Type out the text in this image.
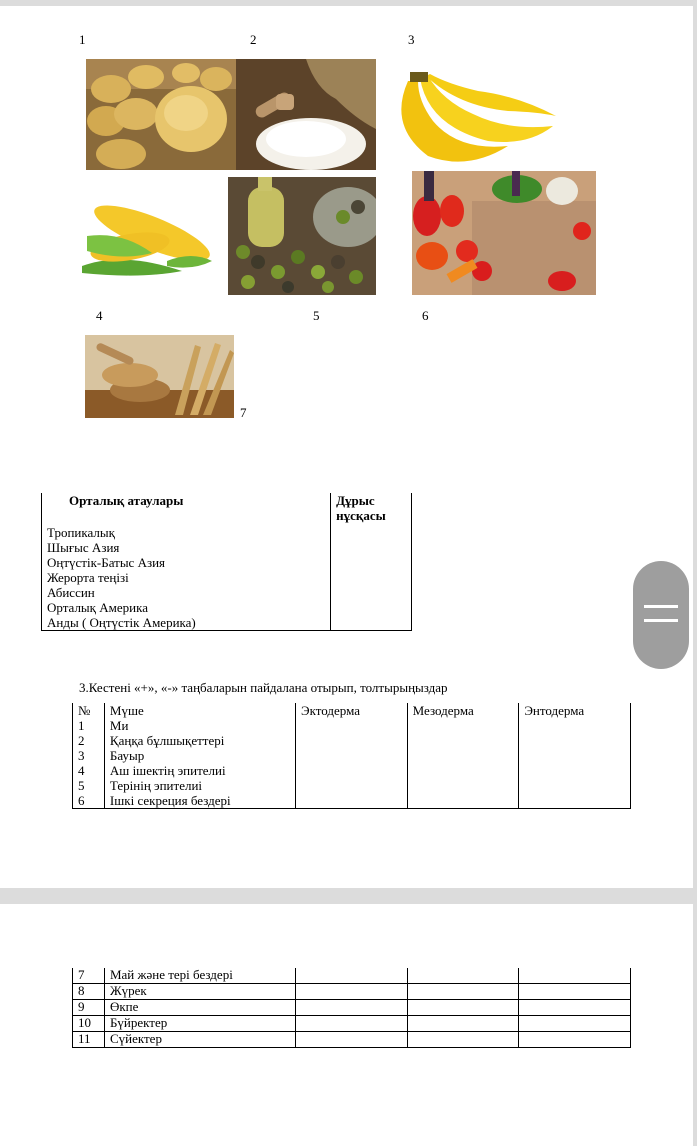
1	2	3
4	5	6
7
Орталық атаулары	Дұрыс нұсқасы
Тропикалық	
Шығыс Азия	
Оңтүстік-Батыс Азия	
Жерорта теңізі	
Абиссин	
Орталық Америка	
Анды ( Оңтүстік Америка)	
3.Кестені «+», «-» таңбаларын пайдалана отырып, толтырыңыздар
№	Мүше	Эктодерма	Мезодерма	Энтодерма
1	Ми			
2	Қаңқа бұлшықеттері			
3	Бауыр			
4	Аш ішектің эпителиі			
5	Терінің эпителиі			
6	Ішкі секреция бездері			
7	Май және тері бездері			
8	Жүрек			
9	Өкпе			
10	Бүйректер			
11	Сүйектер			
